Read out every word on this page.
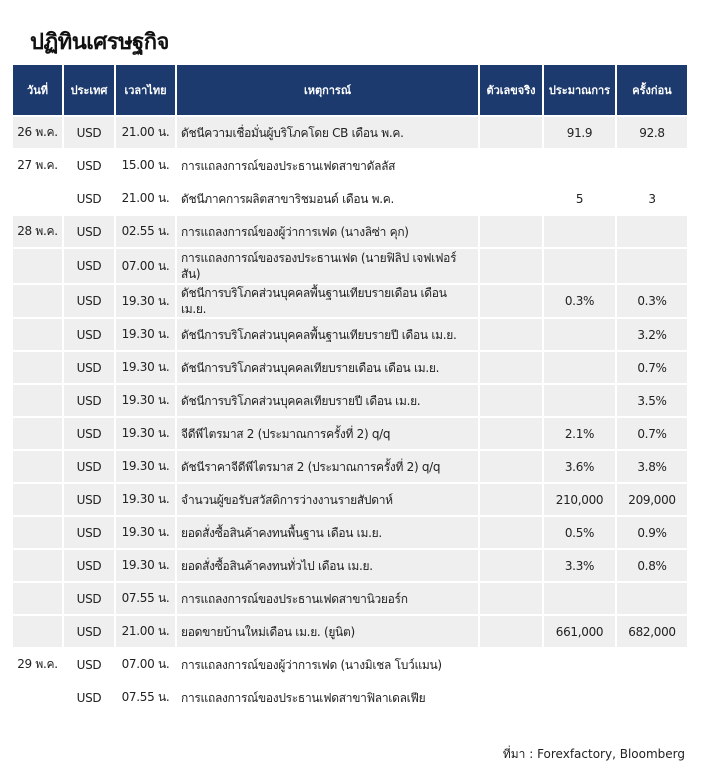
ปฏิทินเศรษฐกิจ
วันที่	ประเทศ	เวลาไทย	เหตุการณ์	ตัวเลขจริง	ประมาณการ	ครั้งก่อน
26 พ.ค.	USD	21.00 น.	ดัชนีความเชื่อมั่นผู้บริโภคโดย CB เดือน พ.ค.		91.9	92.8
27 พ.ค.	USD	15.00 น.	การแถลงการณ์ของประธานเฟดสาขาดัลลัส			
	USD	21.00 น.	ดัชนีภาคการผลิตสาขาริชมอนด์ เดือน พ.ค.		5	3
28 พ.ค.	USD	02.55 น.	การแถลงการณ์ของผู้ว่าการเฟด (นางลิซ่า คุก)			
	USD	07.00 น.	การแถลงการณ์ของรองประธานเฟด (นายฟิลิป เจฟเฟอร์สัน)			
	USD	19.30 น.	ดัชนีการบริโภคส่วนบุคคลพื้นฐานเทียบรายเดือน เดือน เม.ย.		0.3%	0.3%
	USD	19.30 น.	ดัชนีการบริโภคส่วนบุคคลพื้นฐานเทียบรายปี เดือน เม.ย.			3.2%
	USD	19.30 น.	ดัชนีการบริโภคส่วนบุคคลเทียบรายเดือน เดือน เม.ย.			0.7%
	USD	19.30 น.	ดัชนีการบริโภคส่วนบุคคลเทียบรายปี เดือน เม.ย.			3.5%
	USD	19.30 น.	จีดีพีไตรมาส 2 (ประมาณการครั้งที่ 2) q/q		2.1%	0.7%
	USD	19.30 น.	ดัชนีราคาจีดีพีไตรมาส 2 (ประมาณการครั้งที่ 2) q/q		3.6%	3.8%
	USD	19.30 น.	จำนวนผู้ขอรับสวัสดิการว่างงานรายสัปดาห์		210,000	209,000
	USD	19.30 น.	ยอดสั่งซื้อสินค้าคงทนพื้นฐาน เดือน เม.ย.		0.5%	0.9%
	USD	19.30 น.	ยอดสั่งซื้อสินค้าคงทนทั่วไป เดือน เม.ย.		3.3%	0.8%
	USD	07.55 น.	การแถลงการณ์ของประธานเฟดสาขานิวยอร์ก			
	USD	21.00 น.	ยอดขายบ้านใหม่เดือน เม.ย. (ยูนิต)		661,000	682,000
29 พ.ค.	USD	07.00 น.	การแถลงการณ์ของผู้ว่าการเฟด (นางมิเชล โบว์แมน)			
	USD	07.55 น.	การแถลงการณ์ของประธานเฟดสาขาฟิลาเดลเฟีย			
ที่มา : Forexfactory, Bloomberg
